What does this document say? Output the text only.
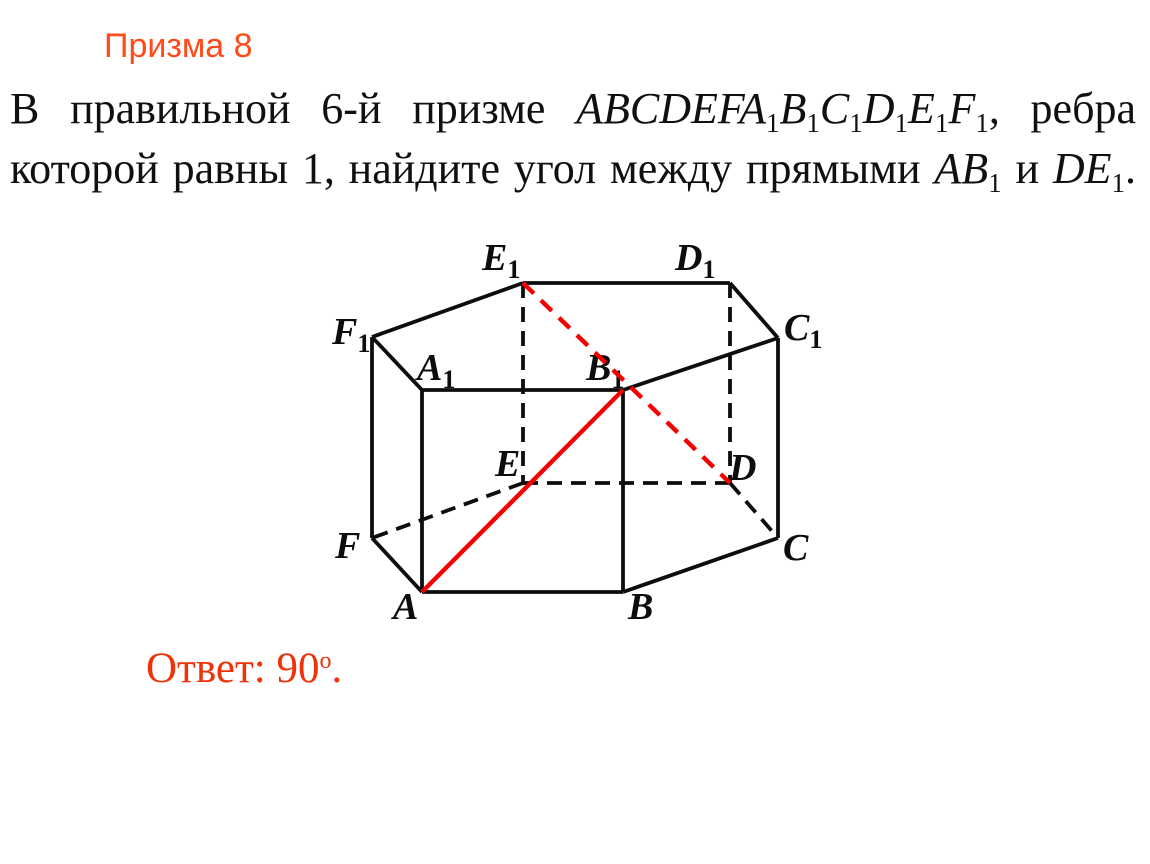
Призма 8
В правильной 6-й призме $ABCDEFA_1B_1C_1D_1E_1F_1$, ребра
которой равны 1, найдите угол между прямыми $AB_1$ и $DE_1$.
$E_1$	$D_1$
$F_1$	$C_1$
$A_1$	$B_1$
E	D
F	C
A	B
Ответ: $90^о$.
